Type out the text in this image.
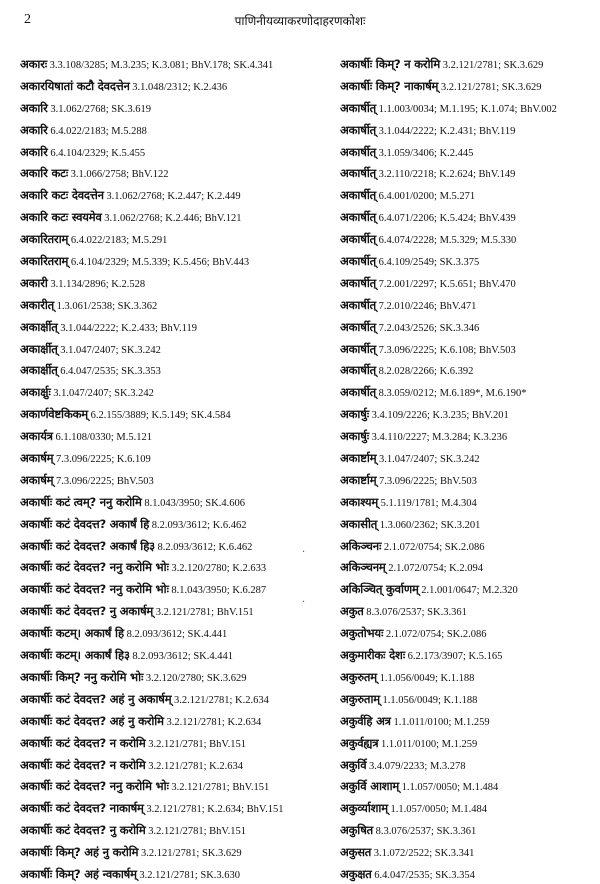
2	पाणिनीयव्याकरणोदाहरणकोशः
अकारः 3.3.108/3285; M.3.235; K.3.081; BhV.178; SK.4.341
अकारयिषातां कटौ देवदत्तेन 3.1.048/2312; K.2.436
अकारि 3.1.062/2768; SK.3.619
अकारि 6.4.022/2183; M.5.288
अकारि 6.4.104/2329; K.5.455
अकारि कटः 3.1.066/2758; BhV.122
अकारि कटः देवदत्तेन 3.1.062/2768; K.2.447; K.2.449
अकारि कटः स्वयमेव 3.1.062/2768; K.2.446; BhV.121
अकारितराम् 6.4.022/2183; M.5.291
अकारितराम् 6.4.104/2329; M.5.339; K.5.456; BhV.443
अकारी 3.1.134/2896; K.2.528
अकारीत् 1.3.061/2538; SK.3.362
अकार्क्षीत् 3.1.044/2222; K.2.433; BhV.119
अकार्क्षीत् 3.1.047/2407; SK.3.242
अकार्क्षीत् 6.4.047/2535; SK.3.353
अकार्क्षुः 3.1.047/2407; SK.3.242
अकार्णवेष्टकिकम् 6.2.155/3889; K.5.149; SK.4.584
अकार्यत्र 6.1.108/0330; M.5.121
अकार्षम् 7.3.096/2225; K.6.109
अकार्षम् 7.3.096/2225; BhV.503
अकार्षीः कटं त्वम्? ननु करोमि 8.1.043/3950; SK.4.606
अकार्षीः कटं देवदत्त? अकार्षं हि 8.2.093/3612; K.6.462
अकार्षीः कटं देवदत्त? अकार्षं हि३ 8.2.093/3612; K.6.462
अकार्षीः कटं देवदत्त? ननु करोमि भोः 3.2.120/2780; K.2.633
अकार्षीः कटं देवदत्त? ननु करोमि भोः 8.1.043/3950; K.6.287
अकार्षीः कटं देवदत्त? नु अकार्षम् 3.2.121/2781; BhV.151
अकार्षीः कटम्। अकार्षं हि 8.2.093/3612; SK.4.441
अकार्षीः कटम्। अकार्षं हि३ 8.2.093/3612; SK.4.441
अकार्षीः किम्? ननु करोमि भोः 3.2.120/2780; SK.3.629
अकार्षीः कटं देवदत्त? अहं नु अकार्षम् 3.2.121/2781; K.2.634
अकार्षीः कटं देवदत्त? अहं नु करोमि 3.2.121/2781; K.2.634
अकार्षीः कटं देवदत्त? न करोमि 3.2.121/2781; BhV.151
अकार्षीः कटं देवदत्त? न करोमि 3.2.121/2781; K.2.634
अकार्षीः कटं देवदत्त? ननु करोमि भोः 3.2.121/2781; BhV.151
अकार्षीः कटं देवदत्त? नाकार्षम् 3.2.121/2781; K.2.634; BhV.151
अकार्षीः कटं देवदत्त? नु करोमि 3.2.121/2781; BhV.151
अकार्षीः किम्? अहं नु करोमि 3.2.121/2781; SK.3.629
अकार्षीः किम्? अहं न्वकार्षम् 3.2.121/2781; SK.3.630
अकार्षीः किम्? न करोमि 3.2.121/2781; SK.3.629
अकार्षीः किम्? नाकार्षम् 3.2.121/2781; SK.3.629
अकार्षीत् 1.1.003/0034; M.1.195; K.1.074; BhV.002
अकार्षीत् 3.1.044/2222; K.2.431; BhV.119
अकार्षीत् 3.1.059/3406; K.2.445
अकार्षीत् 3.2.110/2218; K.2.624; BhV.149
अकार्षीत् 6.4.001/0200; M.5.271
अकार्षीत् 6.4.071/2206; K.5.424; BhV.439
अकार्षीत् 6.4.074/2228; M.5.329; M.5.330
अकार्षीत् 6.4.109/2549; SK.3.375
अकार्षीत् 7.2.001/2297; K.5.651; BhV.470
अकार्षीत् 7.2.010/2246; BhV.471
अकार्षीत् 7.2.043/2526; SK.3.346
अकार्षीत् 7.3.096/2225; K.6.108; BhV.503
अकार्षीत् 8.2.028/2266; K.6.392
अकार्षीत् 8.3.059/0212; M.6.189*, M.6.190*
अकार्षुः 3.4.109/2226; K.3.235; BhV.201
अकार्षुः 3.4.110/2227; M.3.284; K.3.236
अकार्ष्टाम् 3.1.047/2407; SK.3.242
अकार्ष्टाम् 7.3.096/2225; BhV.503
अकाश्यम् 5.1.119/1781; M.4.304
अकासीत् 1.3.060/2362; SK.3.201
अकिञ्चनः 2.1.072/0754; SK.2.086
अकिञ्चनम् 2.1.072/0754; K.2.094
अकिञ्चित् कुर्वाणम् 2.1.001/0647; M.2.320
अकुत 8.3.076/2537; SK.3.361
अकुतोभयः 2.1.072/0754; SK.2.086
अकुमारीकः देशः 6.2.173/3907; K.5.165
अकुरुतम् 1.1.056/0049; K.1.188
अकुरुताम् 1.1.056/0049; K.1.188
अकुर्वहि अत्र 1.1.011/0100; M.1.259
अकुर्वह्यत्र 1.1.011/0100; M.1.259
अकुर्वि 3.4.079/2233; M.3.278
अकुर्वि आशाम् 1.1.057/0050; M.1.484
अकुर्व्याशाम् 1.1.057/0050; M.1.484
अकुषित 8.3.076/2537; SK.3.361
अकुसत 3.1.072/2522; SK.3.341
अकुक्षत 6.4.047/2535; SK.3.354
·
·
